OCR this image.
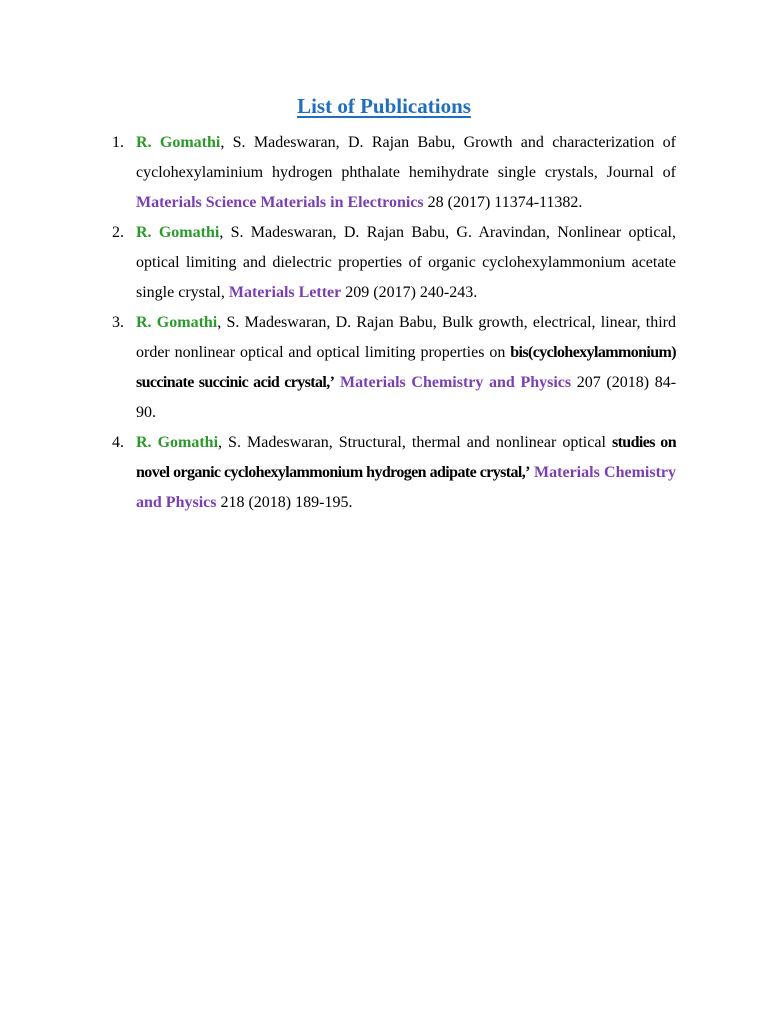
List of Publications
1. R. Gomathi, S. Madeswaran, D. Rajan Babu, Growth and characterization of cyclohexylaminium hydrogen phthalate hemihydrate single crystals, Journal of Materials Science Materials in Electronics 28 (2017) 11374-11382.
2. R. Gomathi, S. Madeswaran, D. Rajan Babu, G. Aravindan, Nonlinear optical, optical limiting and dielectric properties of organic cyclohexylammonium acetate single crystal, Materials Letter 209 (2017) 240-243.
3. R. Gomathi, S. Madeswaran, D. Rajan Babu, Bulk growth, electrical, linear, third order nonlinear optical and optical limiting properties on bis(cyclohexylammonium) succinate succinic acid crystal,’ Materials Chemistry and Physics 207 (2018) 84-90.
4. R. Gomathi, S. Madeswaran, Structural, thermal and nonlinear optical studies on novel organic cyclohexylammonium hydrogen adipate crystal,’ Materials Chemistry and Physics 218 (2018) 189-195.
